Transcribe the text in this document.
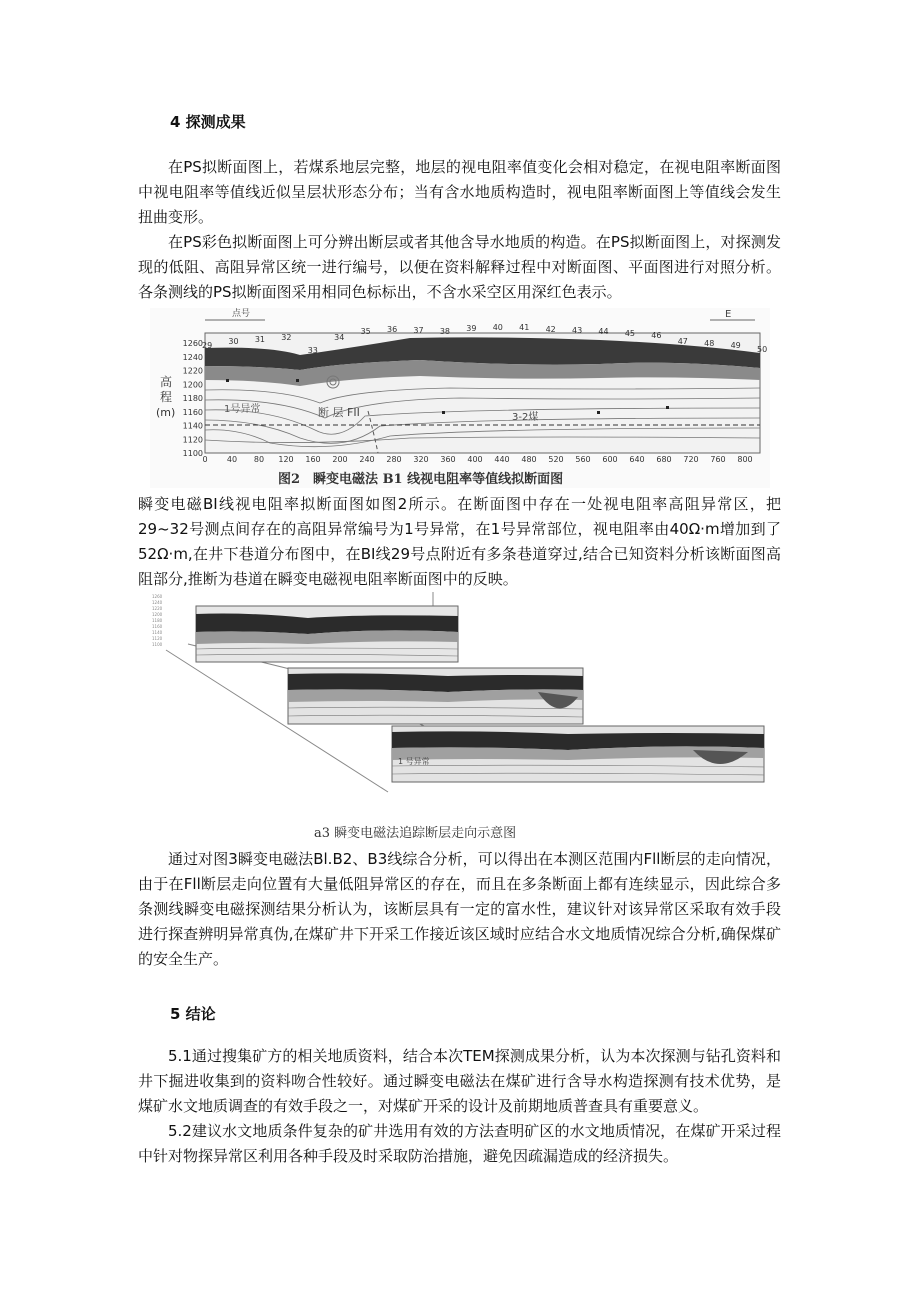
4 探测成果

在PS拟断面图上，若煤系地层完整，地层的视电阻率值变化会相对稳定，在视电阻率断面图中视电阻率等值线近似呈层状形态分布；当有含水地质构造时，视电阻率断面图上等值线会发生扭曲变形。

在PS彩色拟断面图上可分辨出断层或者其他含导水地质的构造。在PS拟断面图上，对探测发现的低阻、高阻异常区统一进行编号，以便在资料解释过程中对断面图、平面图进行对照分析。各条测线的PS拟断面图采用相同色标标出，不含水采空区用深红色表示。

点号	E
29 30 31 32
33
34
35 36 37 38 39 40 41 42 43 44 45 46
47 48 49 50
1260
1240
1220
1200
1180
1160
1140
1120
1100
0 40 80 120 160 200 240 280 320 360 400 440 480 520 560 600 640 680 720 760 800
高
程
(m)	1号异常	断 层 FII	3-2煤
图2　瞬变电磁法 B1 线视电阻率等值线拟断面图

瞬变电磁BI线视电阻率拟断面图如图2所示。在断面图中存在一处视电阻率高阻异常区，把29~32号测点间存在的高阻异常编号为1号异常，在1号异常部位，视电阻率由40Ω·m增加到了52Ω·m,在井下巷道分布图中，在BI线29号点附近有多条巷道穿过,结合已知资料分析该断面图高阻部分,推断为巷道在瞬变电磁视电阻率断面图中的反映。

1260
1240
1220
1200
1180
1160
1140
1120
1100
1 号异常
a3 瞬变电磁法追踪断层走向示意图

通过对图3瞬变电磁法Bl.B2、B3线综合分析，可以得出在本测区范围内Fll断层的走向情况，由于在Fll断层走向位置有大量低阻异常区的存在，而且在多条断面上都有连续显示，因此综合多条测线瞬变电磁探测结果分析认为，该断层具有一定的富水性，建议针对该异常区采取有效手段进行探查辨明异常真伪,在煤矿井下开采工作接近该区域时应结合水文地质情况综合分析,确保煤矿的安全生产。

5 结论

5.1通过搜集矿方的相关地质资料，结合本次TEM探测成果分析，认为本次探测与钻孔资料和井下掘进收集到的资料吻合性较好。通过瞬变电磁法在煤矿进行含导水构造探测有技术优势，是煤矿水文地质调查的有效手段之一，对煤矿开采的设计及前期地质普查具有重要意义。

5.2建议水文地质条件复杂的矿井选用有效的方法查明矿区的水文地质情况，在煤矿开采过程中针对物探异常区利用各种手段及时采取防治措施，避免因疏漏造成的经济损失。
